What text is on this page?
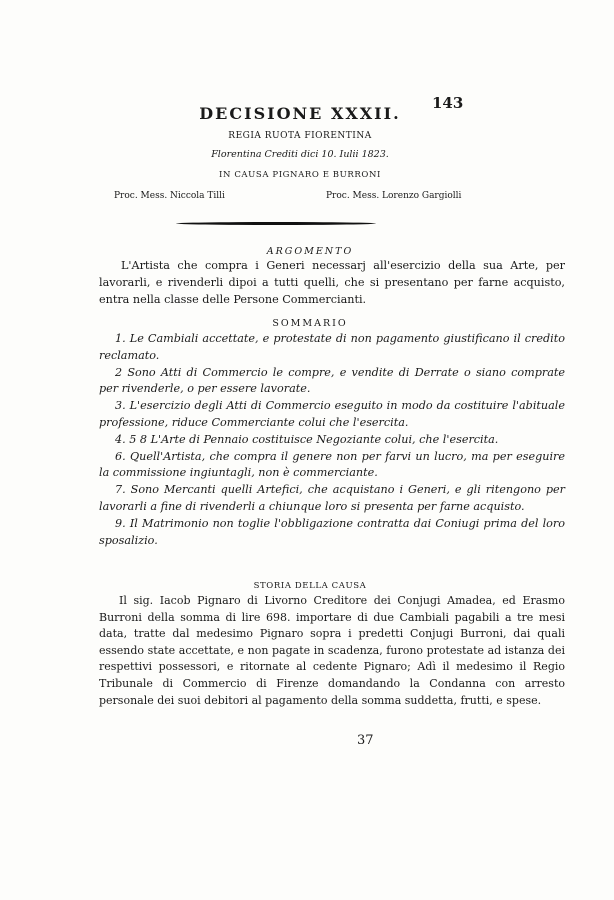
143
DECISIONE XXXII.
REGIA RUOTA FIORENTINA
Florentina Crediti dici 10. Iulii 1823.
IN CAUSA PIGNARO E BURRONI
Proc. Mess. Niccola Tilli	Proc. Mess. Lorenzo Gargiolli
ARGOMENTO

L'Artista che compra i Generi necessarj all'esercizio della sua Arte, per lavorarli, e rivenderli dipoi a tutti quelli, che si presentano per farne acquisto, entra nella classe delle Persone Commercianti.

SOMMARIO

1. Le Cambiali accettate, e protestate di non pagamento giustificano il credito reclamato.

2 Sono Atti di Commercio le compre, e vendite di Derrate o siano comprate per rivenderle, o per essere lavorate.

3. L'esercizio degli Atti di Commercio eseguito in modo da costituire l'abituale professione, riduce Commerciante colui che l'esercita.

4. 5 8 L'Arte di Pennaio costituisce Negoziante colui, che l'esercita.

6. Quell'Artista, che compra il genere non per farvi un lucro, ma per eseguire la commissione ingiuntagli, non è commerciante.

7. Sono Mercanti quelli Artefici, che acquistano i Generi, e gli ritengono per lavorarli a fine di rivenderli a chiunque loro si presenta per farne acquisto.

9. Il Matrimonio non toglie l'obbligazione contratta dai Coniugi prima del loro sposalizio.

STORIA DELLA CAUSA

Il sig. Iacob Pignaro di Livorno Creditore dei Conjugi Amadea, ed Erasmo Burroni della somma di lire 698. importare di due Cambiali pagabili a tre mesi data, tratte dal medesimo Pignaro sopra i predetti Conjugi Burroni, dai quali essendo state accettate, e non pagate in scadenza, furono protestate ad istanza dei respettivi possessori, e ritornate al cedente Pignaro; Adì il medesimo il Regio Tribunale di Commercio di Firenze domandando la Condanna con arresto personale dei suoi debitori al pagamento della somma suddetta, frutti, e spese.

37
